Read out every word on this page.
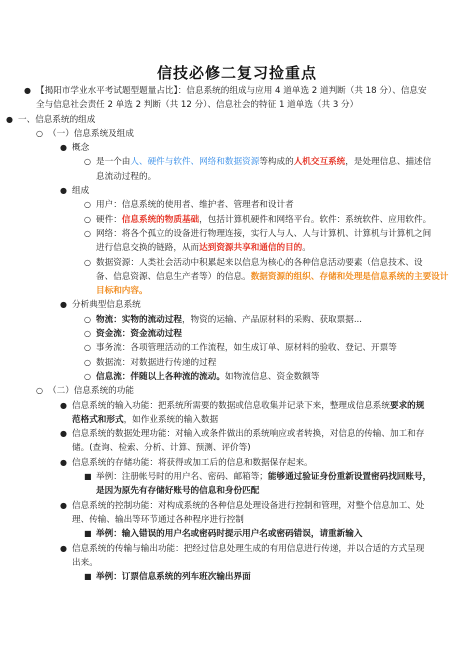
信技必修二复习捡重点
● 【揭阳市学业水平考试题型题量占比】：信息系统的组成与应用 4 道单选 2 道判断（共 18 分）、信息安
全与信息社会责任 2 单选 2 判断（共 12 分）、信息社会的特征 1 道单选（共 3 分）
● 一、信息系统的组成
○ （一）信息系统及组成
● 概念
○ 是一个由人、硬件与软件、网络和数据资源等构成的人机交互系统，是处理信息、描述信
息流动过程的。
● 组成
○ 用户：信息系统的使用者、维护者、管理者和设计者
○ 硬件：信息系统的物质基础，包括计算机硬件和网络平台。软件：系统软件、应用软件。
○ 网络：将各个孤立的设备进行物理连接，实行人与人、人与计算机、计算机与计算机之间
进行信息交换的链路，从而达到资源共享和通信的目的。
○ 数据资源：人类社会活动中积累起来以信息为核心的各种信息活动要素（信息技术、设
备、信息资源、信息生产者等）的信息。数据资源的组织、存储和处理是信息系统的主要设计
目标和内容。
● 分析典型信息系统
○ 物流：实物的流动过程，物资的运输、产品原材料的采购、获取票据...
○ 资金流：资金流动过程
○ 事务流：各项管理活动的工作流程，如生成订单、原材料的验收、登记、开票等
○ 数据流：对数据进行传递的过程
○ 信息流：伴随以上各种流的流动。如物流信息、资金数额等
○ （二）信息系统的功能
● 信息系统的输入功能：把系统所需要的数据或信息收集并记录下来，整理成信息系统要求的规
范格式和形式，如作业系统的输入数据
● 信息系统的数据处理功能：对输入或条件做出的系统响应或者转换，对信息的传输、加工和存
储。(查询、检索、分析、计算、预测、评价等)
● 信息系统的存储功能：将获得或加工后的信息和数据保存起来。
■ 举例：注册帐号时的用户名、密码、邮箱等；能够通过验证身份重新设置密码找回账号，
是因为原先有存储好账号的信息和身份匹配
● 信息系统的控制功能：对构成系统的各种信息处理设备进行控制和管理，对整个信息加工、处
理、传输、输出等环节通过各种程序进行控制
■ 举例：输入错误的用户名或密码时提示用户名或密码错误，请重新输入
● 信息系统的传输与输出功能：把经过信息处理生成的有用信息进行传递，并以合适的方式呈现
出来。
■ 举例：订票信息系统的列车班次输出界面
